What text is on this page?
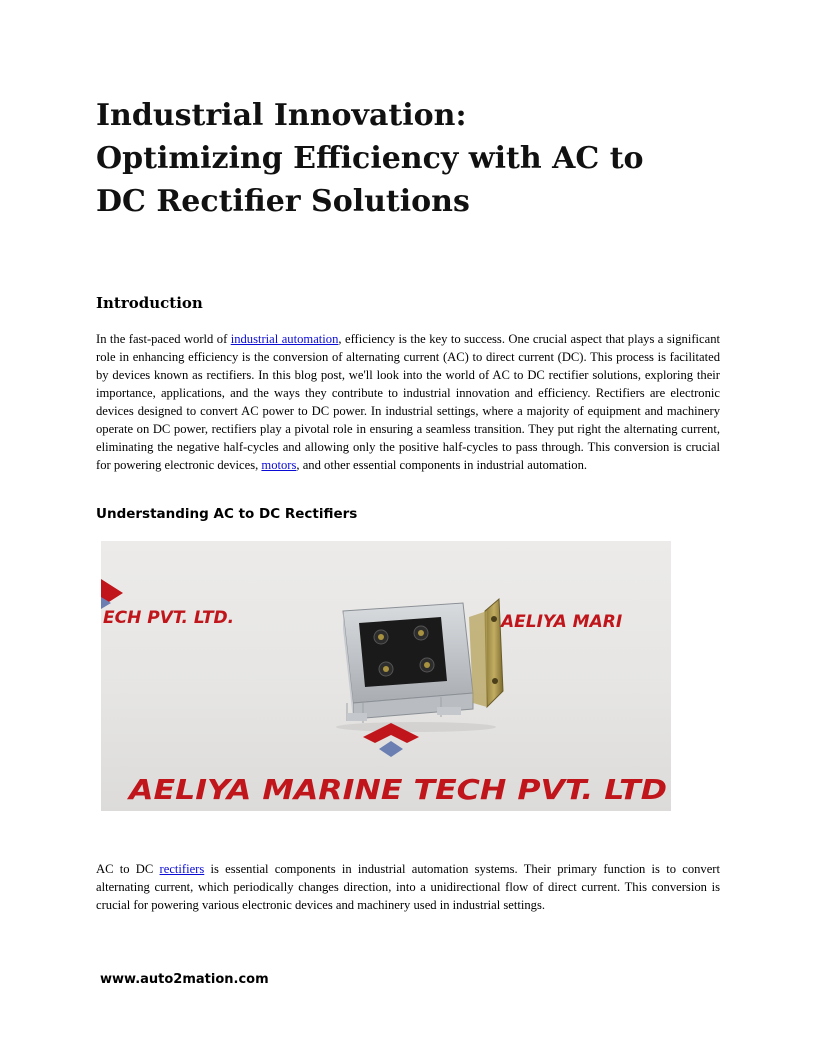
Industrial Innovation: Optimizing Efficiency with AC to DC Rectifier Solutions
Introduction

In the fast-paced world of industrial automation, efficiency is the key to success. One crucial aspect that plays a significant role in enhancing efficiency is the conversion of alternating current (AC) to direct current (DC). This process is facilitated by devices known as rectifiers. In this blog post, we'll look into the world of AC to DC rectifier solutions, exploring their importance, applications, and the ways they contribute to industrial innovation and efficiency. Rectifiers are electronic devices designed to convert AC power to DC power. In industrial settings, where a majority of equipment and machinery operate on DC power, rectifiers play a pivotal role in ensuring a seamless transition. They put right the alternating current, eliminating the negative half-cycles and allowing only the positive half-cycles to pass through. This conversion is crucial for powering electronic devices, motors, and other essential components in industrial automation.

Understanding AC to DC Rectifiers
ECH PVT. LTD.	AELIYA MARI
AELIYA MARINE TECH PVT. LTD

AC to DC rectifiers is essential components in industrial automation systems. Their primary function is to convert alternating current, which periodically changes direction, into a unidirectional flow of direct current. This conversion is crucial for powering various electronic devices and machinery used in industrial settings.

www.auto2mation.com
